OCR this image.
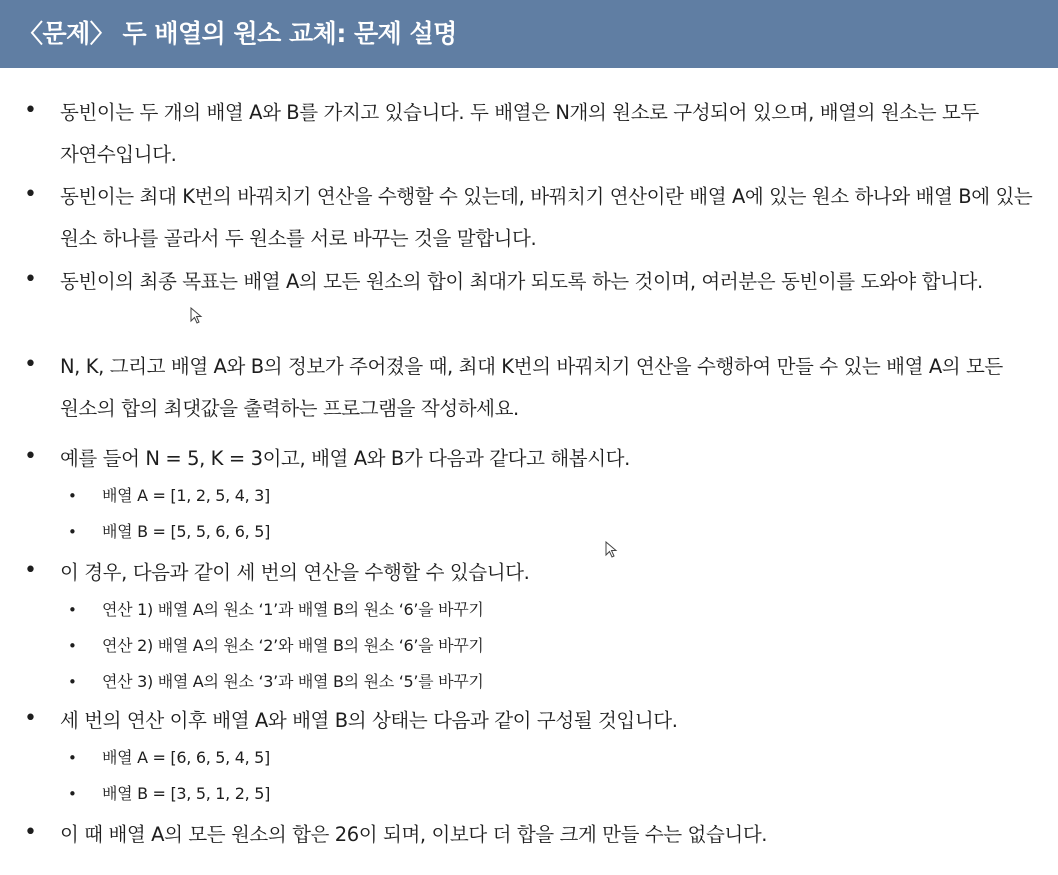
〈문제〉 두 배열의 원소 교체: 문제 설명
• 동빈이는 두 개의 배열 A와 B를 가지고 있습니다. 두 배열은 N개의 원소로 구성되어 있으며, 배열의 원소는 모두 자연수입니다.
• 동빈이는 최대 K번의 바꿔치기 연산을 수행할 수 있는데, 바꿔치기 연산이란 배열 A에 있는 원소 하나와 배열 B에 있는 원소 하나를 골라서 두 원소를 서로 바꾸는 것을 말합니다.
• 동빈이의 최종 목표는 배열 A의 모든 원소의 합이 최대가 되도록 하는 것이며, 여러분은 동빈이를 도와야 합니다.
• N, K, 그리고 배열 A와 B의 정보가 주어졌을 때, 최대 K번의 바꿔치기 연산을 수행하여 만들 수 있는 배열 A의 모든 원소의 합의 최댓값을 출력하는 프로그램을 작성하세요.
• 예를 들어 N = 5, K = 3이고, 배열 A와 B가 다음과 같다고 해봅시다.
• 배열 A = [1, 2, 5, 4, 3]
• 배열 B = [5, 5, 6, 6, 5]
• 이 경우, 다음과 같이 세 번의 연산을 수행할 수 있습니다.
• 연산 1) 배열 A의 원소 ‘1’과 배열 B의 원소 ‘6’을 바꾸기
• 연산 2) 배열 A의 원소 ‘2’와 배열 B의 원소 ‘6’을 바꾸기
• 연산 3) 배열 A의 원소 ‘3’과 배열 B의 원소 ‘5’를 바꾸기
• 세 번의 연산 이후 배열 A와 배열 B의 상태는 다음과 같이 구성될 것입니다.
• 배열 A = [6, 6, 5, 4, 5]
• 배열 B = [3, 5, 1, 2, 5]
• 이 때 배열 A의 모든 원소의 합은 26이 되며, 이보다 더 합을 크게 만들 수는 없습니다.
